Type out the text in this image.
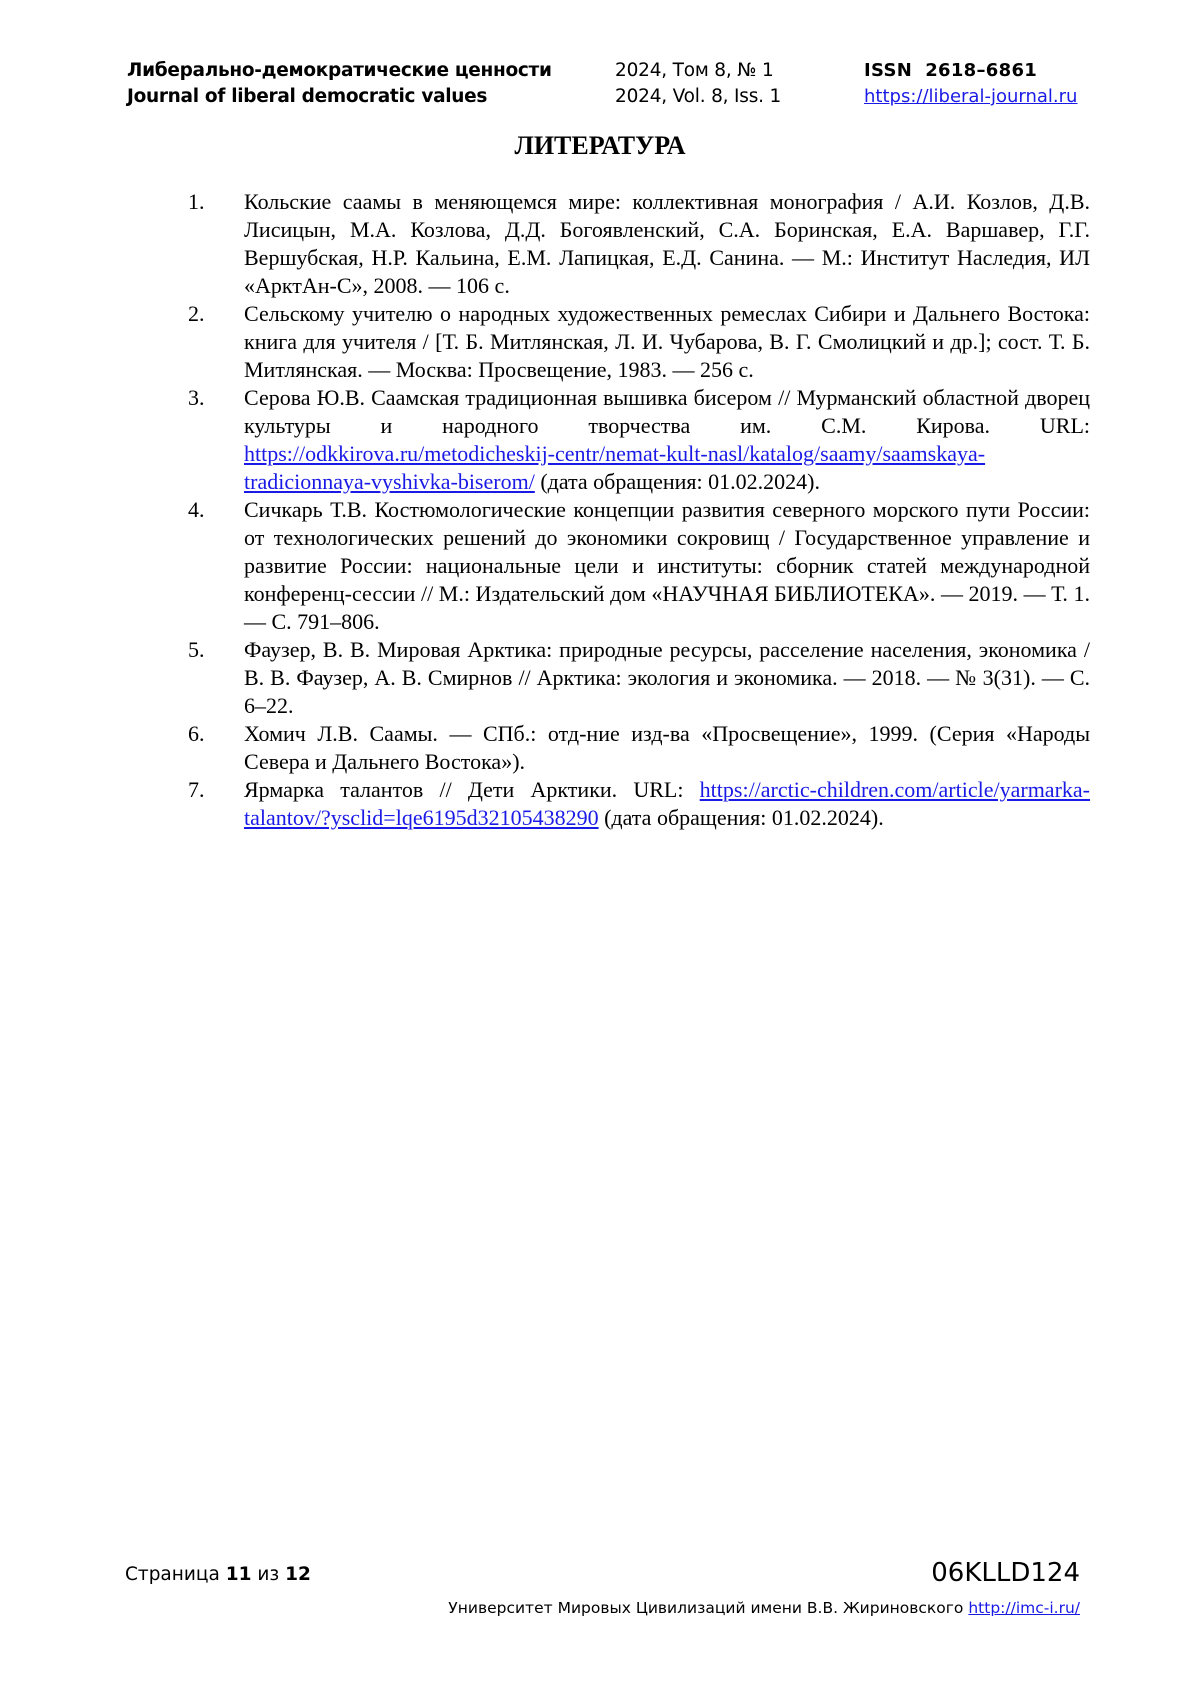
Либерально-демократические ценности
Journal of liberal democratic values
2024, Том 8, № 1
2024, Vol. 8, Iss. 1
ISSN  2618–6861
https://liberal-journal.ru
ЛИТЕРАТУРА
1. Кольские саамы в меняющемся мире: коллективная монография / А.И. Козлов, Д.В. Лисицын, М.А. Козлова, Д.Д. Богоявленский, С.А. Боринская, Е.А. Варшавер, Г.Г. Вершубская, Н.Р. Кальина, Е.М. Лапицкая, Е.Д. Санина. — М.: Институт Наследия, ИЛ «АрктАн-С», 2008. — 106 с.
2. Сельскому учителю о народных художественных ремеслах Сибири и Дальнего Востока: книга для учителя / [Т. Б. Митлянская, Л. И. Чубарова, В. Г. Смолицкий и др.]; сост. Т. Б. Митлянская. — Москва: Просвещение, 1983. — 256 с.
3. Серова Ю.В. Саамская традиционная вышивка бисером // Мурманский областной дворец культуры и народного творчества им. С.М. Кирова. URL: https://odkkirova.ru/metodicheskij-centr/nemat-kult-nasl/katalog/saamy/saamskaya-tradicionnaya-vyshivka-biserom/ (дата обращения: 01.02.2024).
4. Сичкарь Т.В. Костюмологические концепции развития северного морского пути России: от технологических решений до экономики сокровищ / Государственное управление и развитие России: национальные цели и институты: сборник статей международной конференц-сессии // М.: Издательский дом «НАУЧНАЯ БИБЛИОТЕКА». — 2019. — Т. 1. — С. 791–806.
5. Фаузер, В. В. Мировая Арктика: природные ресурсы, расселение населения, экономика / В. В. Фаузер, А. В. Смирнов // Арктика: экология и экономика. — 2018. — № 3(31). — С. 6–22.
6. Хомич Л.В. Саамы. — СПб.: отд-ние изд-ва «Просвещение», 1999. (Серия «Народы Севера и Дальнего Востока»).
7. Ярмарка талантов // Дети Арктики. URL: https://arctic-children.com/article/yarmarka-talantov/?ysclid=lqe6195d32105438290 (дата обращения: 01.02.2024).
Страница 11 из 12	06KLLD124
Университет Мировых Цивилизаций имени В.В. Жириновского http://imc-i.ru/
